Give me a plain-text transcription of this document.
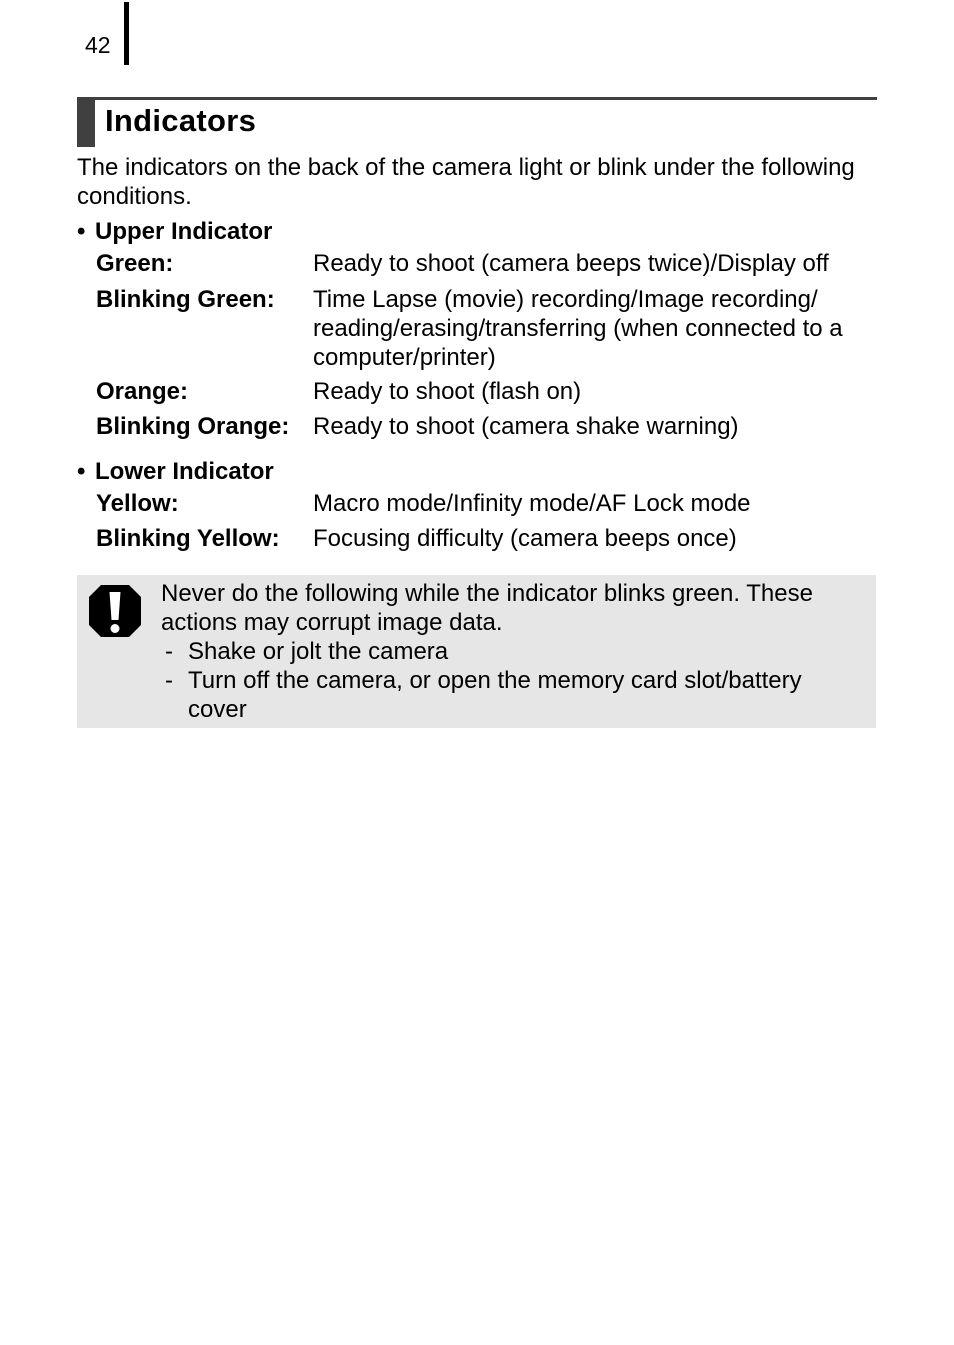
42
Indicators
The indicators on the back of the camera light or blink under the following conditions.
• Upper Indicator
Green:	Ready to shoot (camera beeps twice)/Display off
Blinking Green: Time Lapse (movie) recording/Image recording/ reading/erasing/transferring (when connected to a computer/printer)
Orange:	Ready to shoot (flash on)
Blinking Orange: Ready to shoot (camera shake warning)
• Lower Indicator
Yellow:	Macro mode/Infinity mode/AF Lock mode
Blinking Yellow: Focusing difficulty (camera beeps once)
Never do the following while the indicator blinks green. These actions may corrupt image data.
- Shake or jolt the camera
- Turn off the camera, or open the memory card slot/battery cover
